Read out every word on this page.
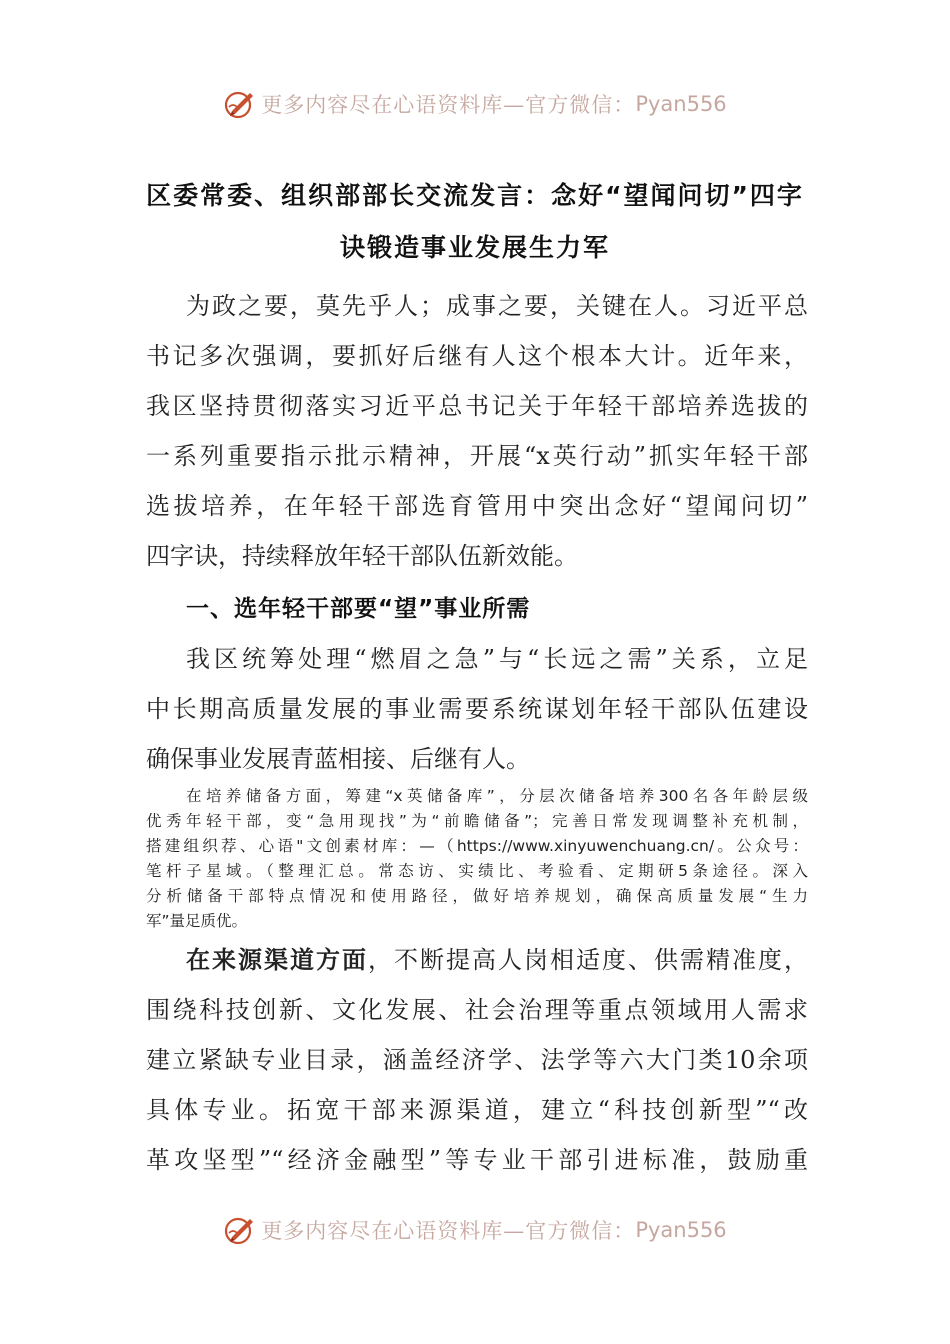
更多内容尽在心语资料库—官方微信： Pyan556
区委常委、组织部部长交流发言：念好“望闻问切”四字
诀锻造事业发展生力军
为政之要，莫先乎人；成事之要，关键在人。习近平总
书记多次强调，要抓好后继有人这个根本大计。近年来，
我区坚持贯彻落实习近平总书记关于年轻干部培养选拔的
一系列重要指示批示精神，开展“x英行动”抓实年轻干部
选拔培养，在年轻干部选育管用中突出念好“望闻问切”
四字诀，持续释放年轻干部队伍新效能。
一、选年轻干部要“望”事业所需
我区统筹处理“燃眉之急”与“长远之需”关系，立足
中长期高质量发展的事业需要系统谋划年轻干部队伍建设
确保事业发展青蓝相接、后继有人。
在培养储备方面，筹建“x英储备库”，分层次储备培养300名各年龄层级
优秀年轻干部，变“急用现找”为“前瞻储备”；完善日常发现调整补充机制，
搭建组织荐、心语"文创素材库：—（https://www.xinyuwenchuang.cn/。公众号：
笔杆子星域。（整理汇总。常态访、实绩比、考验看、定期研5条途径。深入
分析储备干部特点情况和使用路径，做好培养规划，确保高质量发展“生力
军”量足质优。
在来源渠道方面，不断提高人岗相适度、供需精准度，
围绕科技创新、文化发展、社会治理等重点领域用人需求
建立紧缺专业目录，涵盖经济学、法学等六大门类10余项
具体专业。拓宽干部来源渠道，建立“科技创新型”“改
革攻坚型”“经济金融型”等专业干部引进标准，鼓励重
更多内容尽在心语资料库—官方微信： Pyan556
